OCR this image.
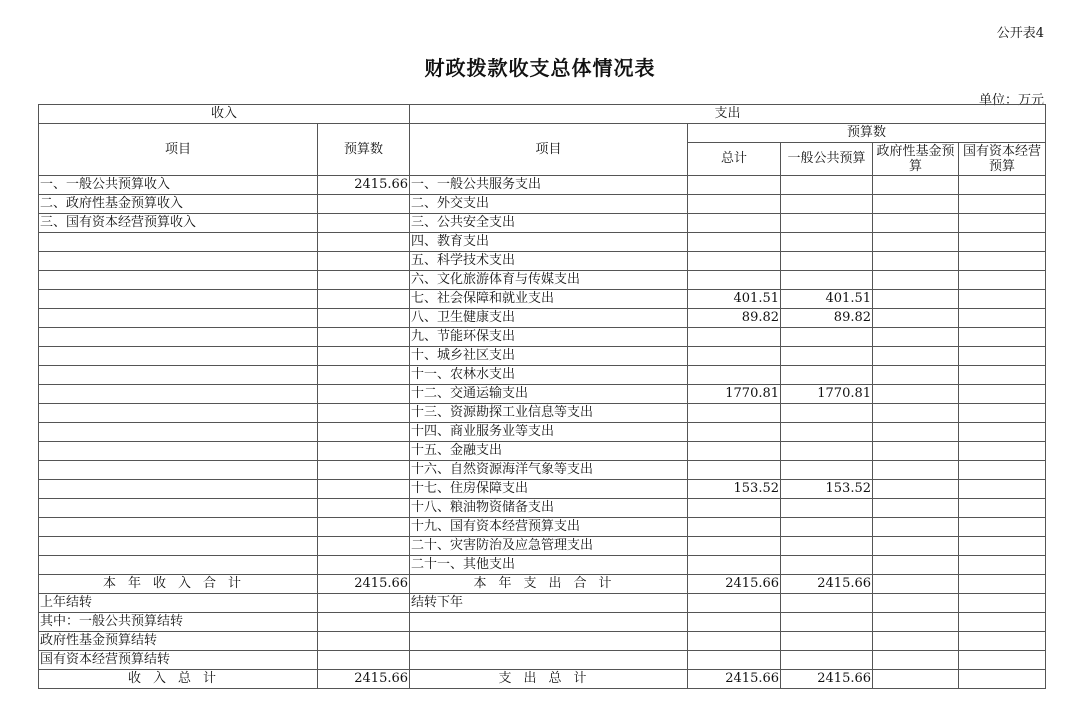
公开表4
财政拨款收支总体情况表
单位：万元
收入		支出				
项目	预算数	项目	预算数			
			总计	一般公共预算	政府性基金预算	国有资本经营预算
一、一般公共预算收入	2415.66	一、一般公共服务支出				
二、政府性基金预算收入		二、外交支出				
三、国有资本经营预算收入		三、公共安全支出				
		四、教育支出				
		五、科学技术支出				
		六、文化旅游体育与传媒支出				
		七、社会保障和就业支出	401.51	401.51		
		八、卫生健康支出	89.82	89.82		
		九、节能环保支出				
		十、城乡社区支出				
		十一、农林水支出				
		十二、交通运输支出	1770.81	1770.81		
		十三、资源勘探工业信息等支出				
		十四、商业服务业等支出				
		十五、金融支出				
		十六、自然资源海洋气象等支出				
		十七、住房保障支出	153.52	153.52		
		十八、粮油物资储备支出				
		十九、国有资本经营预算支出				
		二十、灾害防治及应急管理支出				
		二十一、其他支出				
本年收入合计	2415.66	本年支出合计	2415.66	2415.66		
上年结转		结转下年				
其中：一般公共预算结转						
政府性基金预算结转						
国有资本经营预算结转						
收入总计	2415.66	支出总计	2415.66	2415.66		
